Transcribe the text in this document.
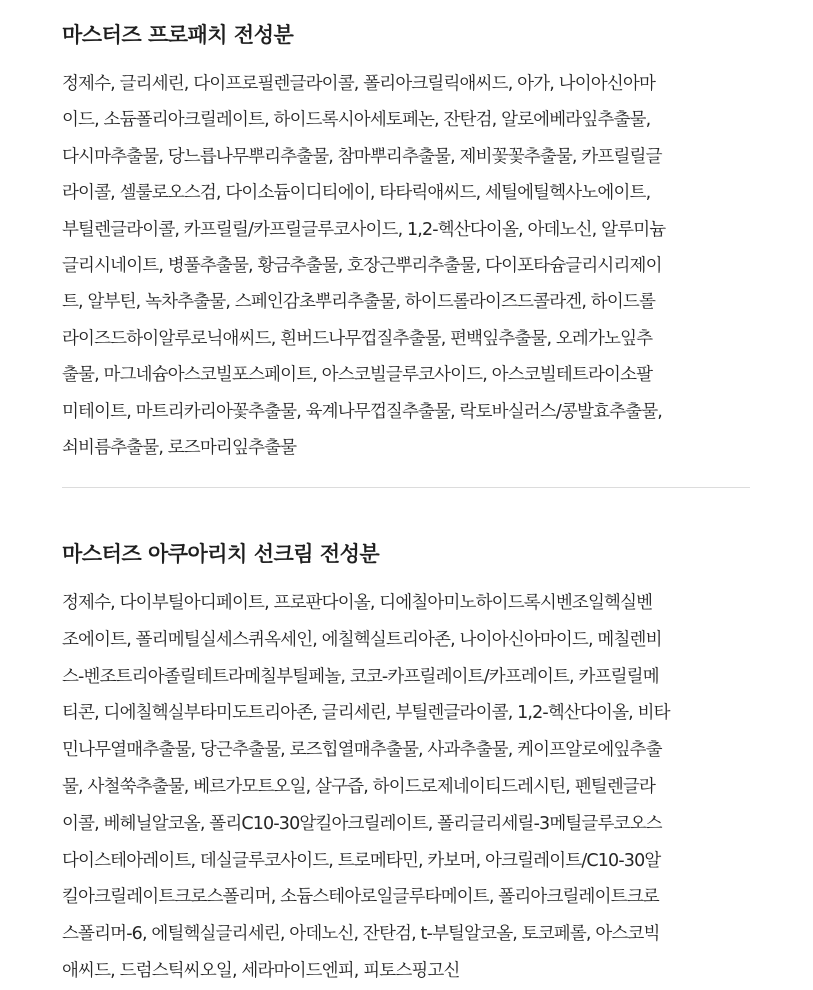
마스터즈 프로패치 전성분
정제수, 글리세린, 다이프로필렌글라이콜, 폴리아크릴릭애씨드, 아가, 나이아신아마
이드, 소듐폴리아크릴레이트, 하이드록시아세토페논, 잔탄검, 알로에베라잎추출물,
다시마추출물, 당느릅나무뿌리추출물, 참마뿌리추출물, 제비꽃꽃추출물, 카프릴릴글
라이콜, 셀룰로오스검, 다이소듐이디티에이, 타타릭애씨드, 세틸에틸헥사노에이트,
부틸렌글라이콜, 카프릴릴/카프릴글루코사이드, 1,2-헥산다이올, 아데노신, 알루미늄
글리시네이트, 병풀추출물, 황금추출물, 호장근뿌리추출물, 다이포타슘글리시리제이
트, 알부틴, 녹차추출물, 스페인감초뿌리추출물, 하이드롤라이즈드콜라겐, 하이드롤
라이즈드하이알루로닉애씨드, 흰버드나무껍질추출물, 편백잎추출물, 오레가노잎추
출물, 마그네슘아스코빌포스페이트, 아스코빌글루코사이드, 아스코빌테트라이소팔
미테이트, 마트리카리아꽃추출물, 육계나무껍질추출물, 락토바실러스/콩발효추출물,
쇠비름추출물, 로즈마리잎추출물
마스터즈 아쿠아리치 선크림 전성분
정제수, 다이부틸아디페이트, 프로판다이올, 디에칠아미노하이드록시벤조일헥실벤
조에이트, 폴리메틸실세스퀴옥세인, 에칠헥실트리아존, 나이아신아마이드, 메칠렌비
스-벤조트리아졸릴테트라메칠부틸페놀, 코코-카프릴레이트/카프레이트, 카프릴릴메
티콘, 디에칠헥실부타미도트리아존, 글리세린, 부틸렌글라이콜, 1,2-헥산다이올, 비타
민나무열매추출물, 당근추출물, 로즈힙열매추출물, 사과추출물, 케이프알로에잎추출
물, 사철쑥추출물, 베르가모트오일, 살구즙, 하이드로제네이티드레시틴, 펜틸렌글라
이콜, 베헤닐알코올, 폴리C10-30알킬아크릴레이트, 폴리글리세릴-3메틸글루코오스
다이스테아레이트, 데실글루코사이드, 트로메타민, 카보머, 아크릴레이트/C10-30알
킬아크릴레이트크로스폴리머, 소듐스테아로일글루타메이트, 폴리아크릴레이트크로
스폴리머-6, 에틸헥실글리세린, 아데노신, 잔탄검, t-부틸알코올, 토코페롤, 아스코빅
애씨드, 드럼스틱씨오일, 세라마이드엔피, 피토스핑고신
